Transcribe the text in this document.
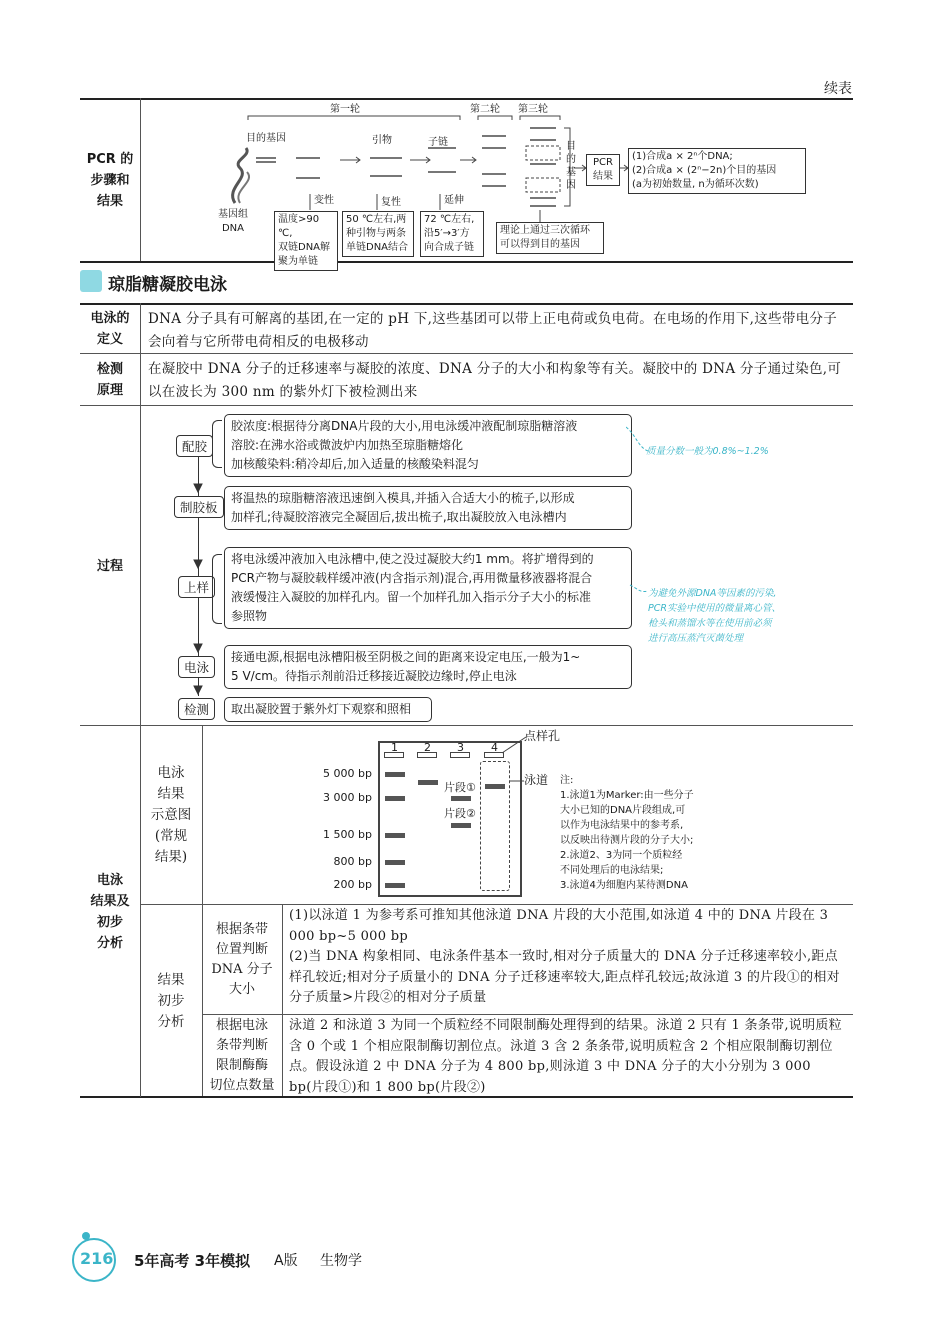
续表
PCR 的
步骤和
结果
第一轮	第二轮 第三轮
目的基因	引物	子链
基因组
DNA
变性	复性	延伸
温度>90 ℃,
双链DNA解
聚为单链
50 ℃左右,两
种引物与两条
单链DNA结合
72 ℃左右,
沿5′→3′方
向合成子链
理论上通过三次循环
可以得到目的基因
目
的
基
因
PCR
结果
(1)合成a × 2ⁿ个DNA;
(2)合成a × (2ⁿ−2n)个目的基因
(a为初始数量, n为循环次数)
琼脂糖凝胶电泳
电泳的
定义
DNA 分子具有可解离的基团,在一定的 pH 下,这些基团可以带上正电荷或负电荷。在电场的作用下,这些带电分子会向着与它所带电荷相反的电极移动
检测
原理
在凝胶中 DNA 分子的迁移速率与凝胶的浓度、DNA 分子的大小和构象等有关。凝胶中的 DNA 分子通过染色,可以在波长为 300 nm 的紫外灯下被检测出来
过程
配胶
胶浓度:根据待分离DNA片段的大小,用电泳缓冲液配制琼脂糖溶液
溶胶:在沸水浴或微波炉内加热至琼脂糖熔化
加核酸染料:稍冷却后,加入适量的核酸染料混匀
制胶板
将温热的琼脂糖溶液迅速倒入模具,并插入合适大小的梳子,以形成
加样孔;待凝胶溶液完全凝固后,拔出梳子,取出凝胶放入电泳槽内
上样
将电泳缓冲液加入电泳槽中,使之没过凝胶大约1 mm。将扩增得到的
PCR产物与凝胶载样缓冲液(内含指示剂)混合,再用微量移液器将混合
液缓慢注入凝胶的加样孔内。留一个加样孔加入指示分子大小的标准
参照物
电泳
接通电源,根据电泳槽阳极至阴极之间的距离来设定电压,一般为1~
5 V/cm。待指示剂前沿迁移接近凝胶边缘时,停止电泳
检测	取出凝胶置于紫外灯下观察和照相
质量分数一般为0.8%~1.2%
为避免外源DNA等因素的污染,
PCR实验中使用的微量离心管、
枪头和蒸馏水等在使用前必须
进行高压蒸汽灭菌处理
电泳
结果及
初步
分析
电泳
结果
示意图
(常规
结果)
1 2 3 4
5 000 bp
3 000 bp
1 500 bp
800 bp
200 bp
片段①
片段②
点样孔
泳道 注:
1.泳道1为Marker:由一些分子
大小已知的DNA片段组成,可
以作为电泳结果中的参考系,
以反映出待测片段的分子大小;
2.泳道2、3为同一个质粒经
不同处理后的电泳结果;
3.泳道4为细胞内某待测DNA
结果
初步
分析
根据条带
位置判断
DNA 分子
大小
(1)以泳道 1 为参考系可推知其他泳道 DNA 片段的大小范围,如泳道 4 中的 DNA 片段在 3 000 bp~5 000 bp
(2)当 DNA 构象相同、电泳条件基本一致时,相对分子质量大的 DNA 分子迁移速率较小,距点样孔较近;相对分子质量小的 DNA 分子迁移速率较大,距点样孔较远;故泳道 3 的片段①的相对分子质量>片段②的相对分子质量
根据电泳
条带判断
限制酶酶
切位点数量
泳道 2 和泳道 3 为同一个质粒经不同限制酶处理得到的结果。泳道 2 只有 1 条条带,说明质粒含 0 个或 1 个相应限制酶切割位点。泳道 3 含 2 条条带,说明质粒含 2 个相应限制酶切割位点。假设泳道 2 中 DNA 分子为 4 800 bp,则泳道 3 中 DNA 分子的大小分别为 3 000 bp(片段①)和 1 800 bp(片段②)
216 5年高考 3年模拟 A版 生物学
